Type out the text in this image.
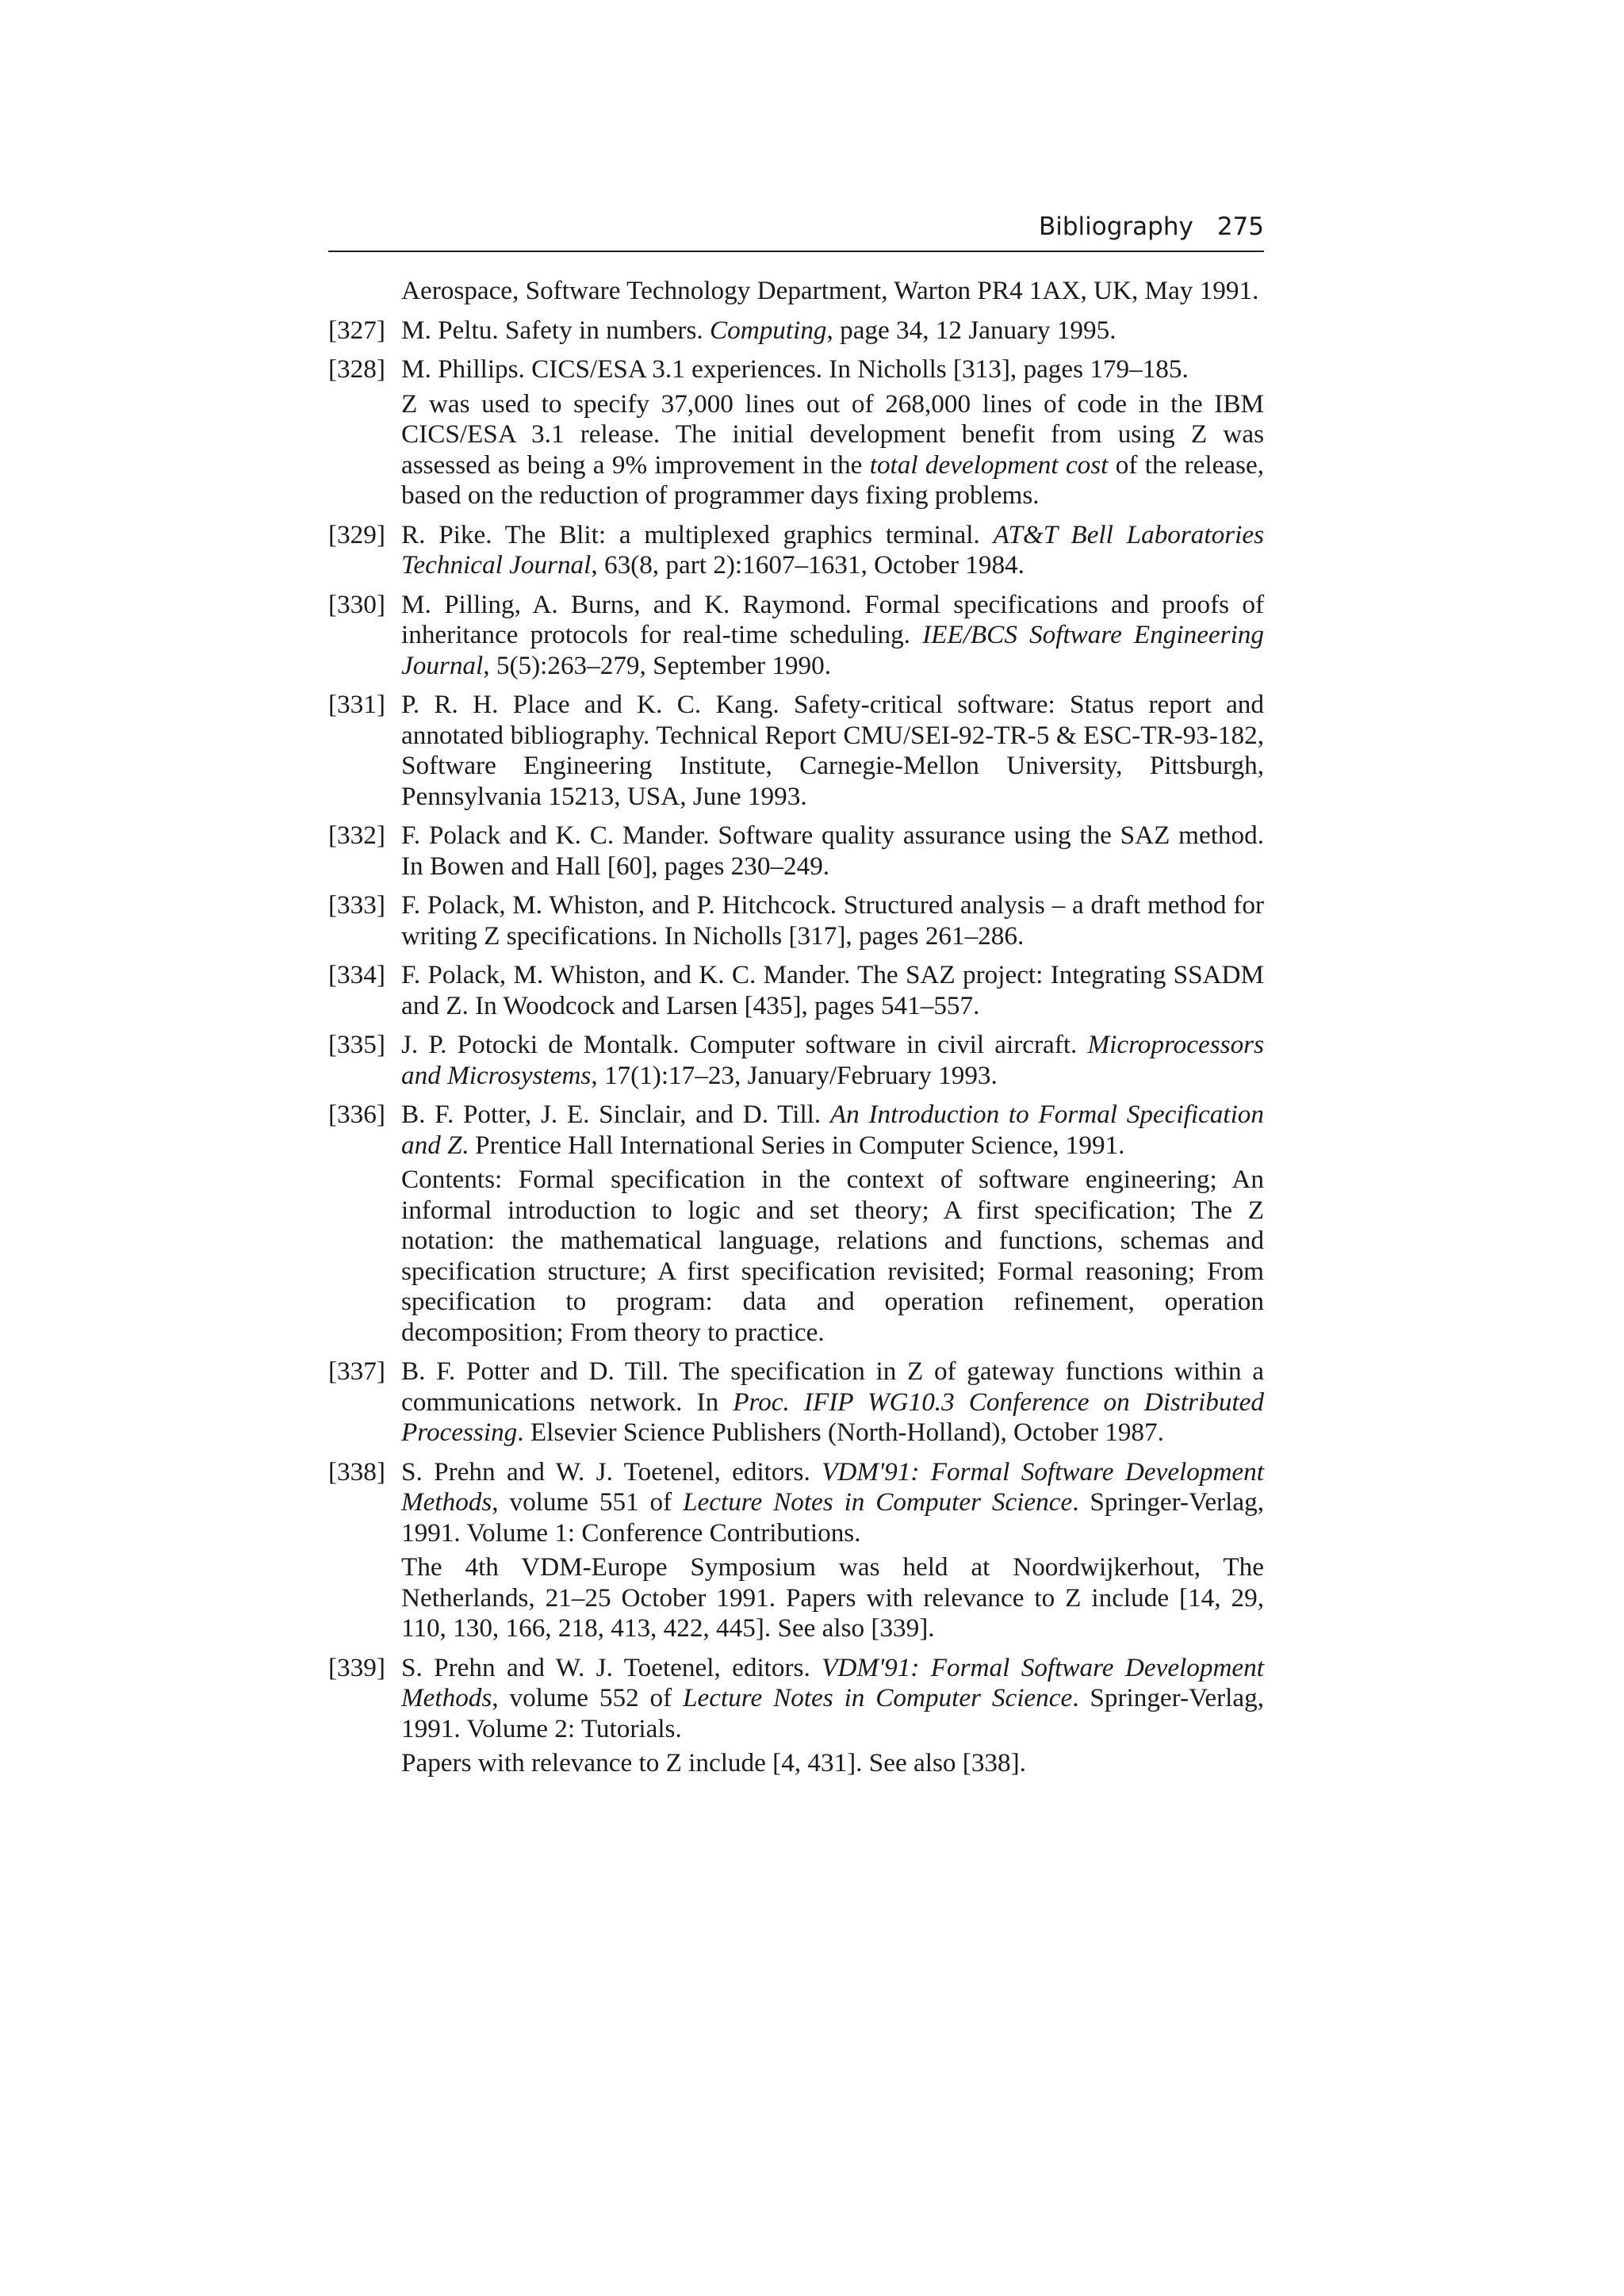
Bibliography 275

Aerospace, Software Technology Department, Warton PR4 1AX, UK, May 1991.

[327] M. Peltu. Safety in numbers. Computing, page 34, 12 January 1995.

[328] M. Phillips. CICS/ESA 3.1 experiences. In Nicholls [313], pages 179–185.

Z was used to specify 37,000 lines out of 268,000 lines of code in the IBM CICS/ESA 3.1 release. The initial development benefit from using Z was assessed as being a 9% improvement in the total development cost of the release, based on the reduction of programmer days fixing problems.

[329] R. Pike. The Blit: a multiplexed graphics terminal. AT&T Bell Laboratories Technical Journal, 63(8, part 2):1607–1631, October 1984.

[330] M. Pilling, A. Burns, and K. Raymond. Formal specifications and proofs of inheritance protocols for real-time scheduling. IEE/BCS Software Engineering Journal, 5(5):263–279, September 1990.

[331] P. R. H. Place and K. C. Kang. Safety-critical software: Status report and annotated bibliography. Technical Report CMU/SEI-92-TR-5 & ESC-TR-93-182, Software Engineering Institute, Carnegie-Mellon University, Pittsburgh, Pennsylvania 15213, USA, June 1993.

[332] F. Polack and K. C. Mander. Software quality assurance using the SAZ method. In Bowen and Hall [60], pages 230–249.

[333] F. Polack, M. Whiston, and P. Hitchcock. Structured analysis – a draft method for writing Z specifications. In Nicholls [317], pages 261–286.

[334] F. Polack, M. Whiston, and K. C. Mander. The SAZ project: Integrating SSADM and Z. In Woodcock and Larsen [435], pages 541–557.

[335] J. P. Potocki de Montalk. Computer software in civil aircraft. Microprocessors and Microsystems, 17(1):17–23, January/February 1993.

[336] B. F. Potter, J. E. Sinclair, and D. Till. An Introduction to Formal Specification and Z. Prentice Hall International Series in Computer Science, 1991.

Contents: Formal specification in the context of software engineering; An informal introduction to logic and set theory; A first specification; The Z notation: the mathematical language, relations and functions, schemas and specification structure; A first specification revisited; Formal reasoning; From specification to program: data and operation refinement, operation decomposition; From theory to practice.

[337] B. F. Potter and D. Till. The specification in Z of gateway functions within a communications network. In Proc. IFIP WG10.3 Conference on Distributed Processing. Elsevier Science Publishers (North-Holland), October 1987.

[338] S. Prehn and W. J. Toetenel, editors. VDM'91: Formal Software Development Methods, volume 551 of Lecture Notes in Computer Science. Springer-Verlag, 1991. Volume 1: Conference Contributions.

The 4th VDM-Europe Symposium was held at Noordwijkerhout, The Netherlands, 21–25 October 1991. Papers with relevance to Z include [14, 29, 110, 130, 166, 218, 413, 422, 445]. See also [339].

[339] S. Prehn and W. J. Toetenel, editors. VDM'91: Formal Software Development Methods, volume 552 of Lecture Notes in Computer Science. Springer-Verlag, 1991. Volume 2: Tutorials.

Papers with relevance to Z include [4, 431]. See also [338].
